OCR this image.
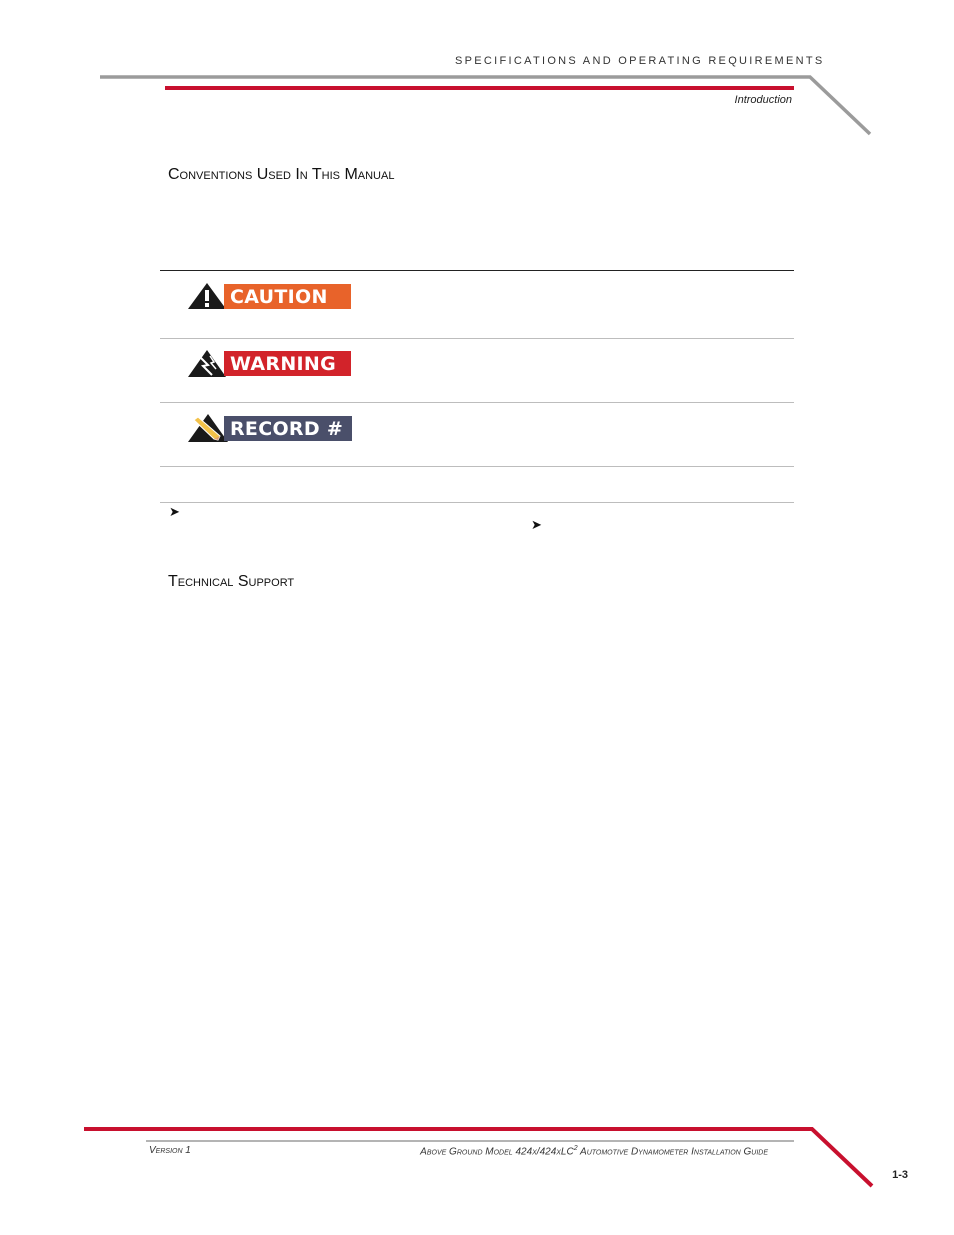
SPECIFICATIONS AND OPERATING REQUIREMENTS
Introduction
Conventions Used In This Manual
CAUTION
WARNING
RECORD #
➤
➤
Technical Support
Version 1	Above Ground Model 424x/424xLC$^2$ Automotive Dynamometer Installation Guide
1-3
